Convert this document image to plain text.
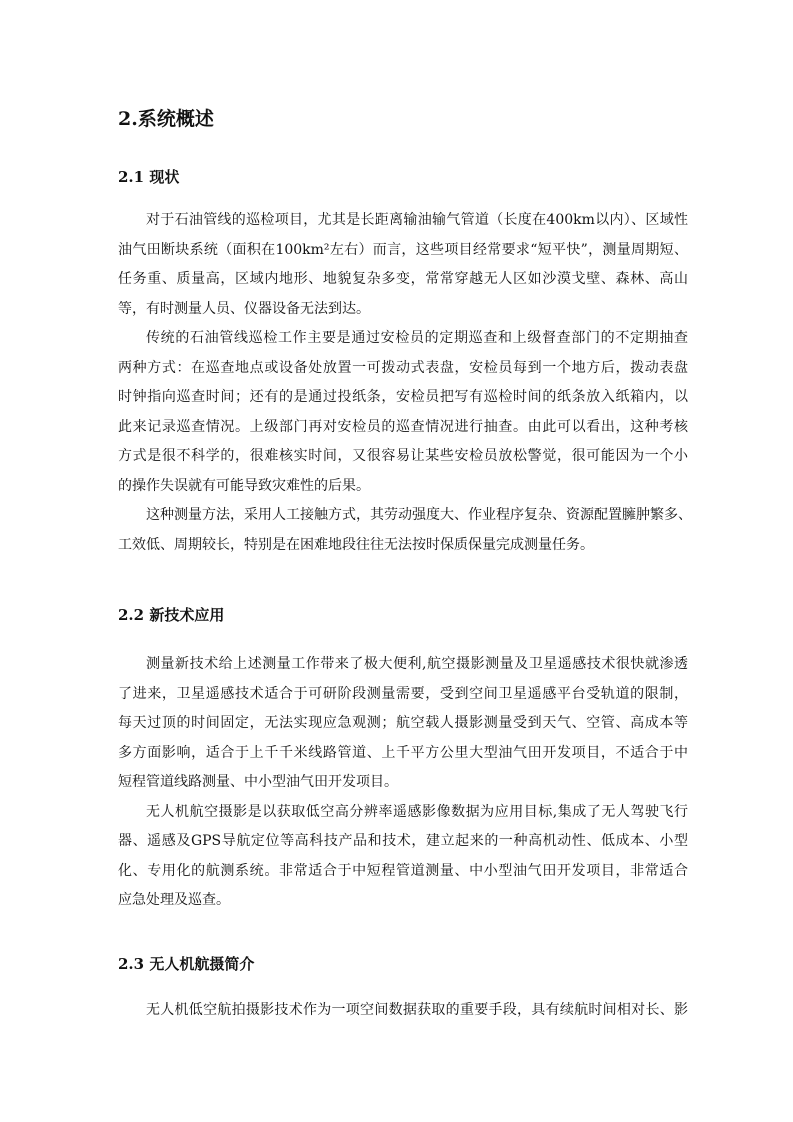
2.系统概述
2.1 现状
对于石油管线的巡检项目，尤其是长距离输油输气管道（长度在400km以内）、区域性
油气田断块系统（面积在100km²左右）而言，这些项目经常要求“短平快”，测量周期短、
任务重、质量高，区域内地形、地貌复杂多变，常常穿越无人区如沙漠戈壁、森林、高山
等，有时测量人员、仪器设备无法到达。
传统的石油管线巡检工作主要是通过安检员的定期巡查和上级督查部门的不定期抽查
两种方式：在巡查地点或设备处放置一可拨动式表盘，安检员每到一个地方后，拨动表盘
时钟指向巡查时间；还有的是通过投纸条，安检员把写有巡检时间的纸条放入纸箱内，以
此来记录巡查情况。上级部门再对安检员的巡查情况进行抽查。由此可以看出，这种考核
方式是很不科学的，很难核实时间，又很容易让某些安检员放松警觉，很可能因为一个小
的操作失误就有可能导致灾难性的后果。
这种测量方法，采用人工接触方式，其劳动强度大、作业程序复杂、资源配置臃肿繁多、
工效低、周期较长，特别是在困难地段往往无法按时保质保量完成测量任务。
2.2 新技术应用
测量新技术给上述测量工作带来了极大便利,航空摄影测量及卫星遥感技术很快就渗透
了进来，卫星遥感技术适合于可研阶段测量需要，受到空间卫星遥感平台受轨道的限制，
每天过顶的时间固定，无法实现应急观测；航空载人摄影测量受到天气、空管、高成本等
多方面影响，适合于上千千米线路管道、上千平方公里大型油气田开发项目，不适合于中
短程管道线路测量、中小型油气田开发项目。
无人机航空摄影是以获取低空高分辨率遥感影像数据为应用目标,集成了无人驾驶飞行
器、遥感及GPS导航定位等高科技产品和技术，建立起来的一种高机动性、低成本、小型
化、专用化的航测系统。非常适合于中短程管道测量、中小型油气田开发项目，非常适合
应急处理及巡查。
2.3 无人机航摄简介
无人机低空航拍摄影技术作为一项空间数据获取的重要手段，具有续航时间相对长、影
